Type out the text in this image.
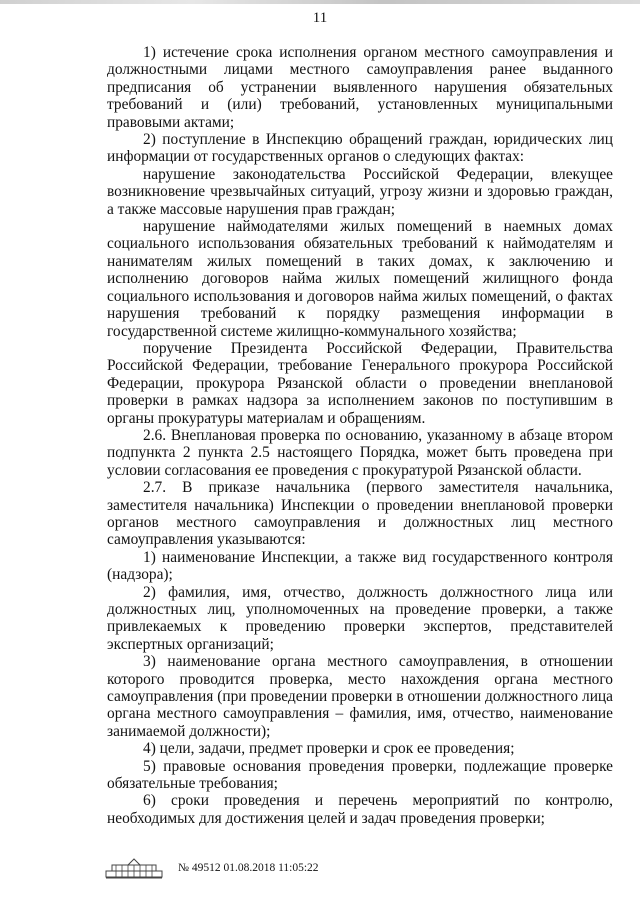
11

1) истечение срока исполнения органом местного самоуправления и должностными лицами местного самоуправления ранее выданного предписания об устранении выявленного нарушения обязательных требований и (или) требований, установленных муниципальными правовыми актами;

2) поступление в Инспекцию обращений граждан, юридических лиц информации от государственных органов о следующих фактах:

нарушение законодательства Российской Федерации, влекущее возникновение чрезвычайных ситуаций, угрозу жизни и здоровью граждан, а также массовые нарушения прав граждан;

нарушение наймодателями жилых помещений в наемных домах социального использования обязательных требований к наймодателям и нанимателям жилых помещений в таких домах, к заключению и исполнению договоров найма жилых помещений жилищного фонда социального использования и договоров найма жилых помещений, о фактах нарушения требований к порядку размещения информации в государственной системе жилищно-коммунального хозяйства;

поручение Президента Российской Федерации, Правительства Российской Федерации, требование Генерального прокурора Российской Федерации, прокурора Рязанской области о проведении внеплановой проверки в рамках надзора за исполнением законов по поступившим в органы прокуратуры материалам и обращениям.

2.6. Внеплановая проверка по основанию, указанному в абзаце втором подпункта 2 пункта 2.5 настоящего Порядка, может быть проведена при условии согласования ее проведения с прокуратурой Рязанской области.

2.7. В приказе начальника (первого заместителя начальника, заместителя начальника) Инспекции о проведении внеплановой проверки органов местного самоуправления и должностных лиц местного самоуправления указываются:

1) наименование Инспекции, а также вид государственного контроля (надзора);

2) фамилия, имя, отчество, должность должностного лица или должностных лиц, уполномоченных на проведение проверки, а также привлекаемых к проведению проверки экспертов, представителей экспертных организаций;

3) наименование органа местного самоуправления, в отношении которого проводится проверка, место нахождения органа местного самоуправления (при проведении проверки в отношении должностного лица органа местного самоуправления – фамилия, имя, отчество, наименование занимаемой должности);

4) цели, задачи, предмет проверки и срок ее проведения;

5) правовые основания проведения проверки, подлежащие проверке обязательные требования;

6) сроки проведения и перечень мероприятий по контролю, необходимых для достижения целей и задач проведения проверки;

№ 49512 01.08.2018 11:05:22
